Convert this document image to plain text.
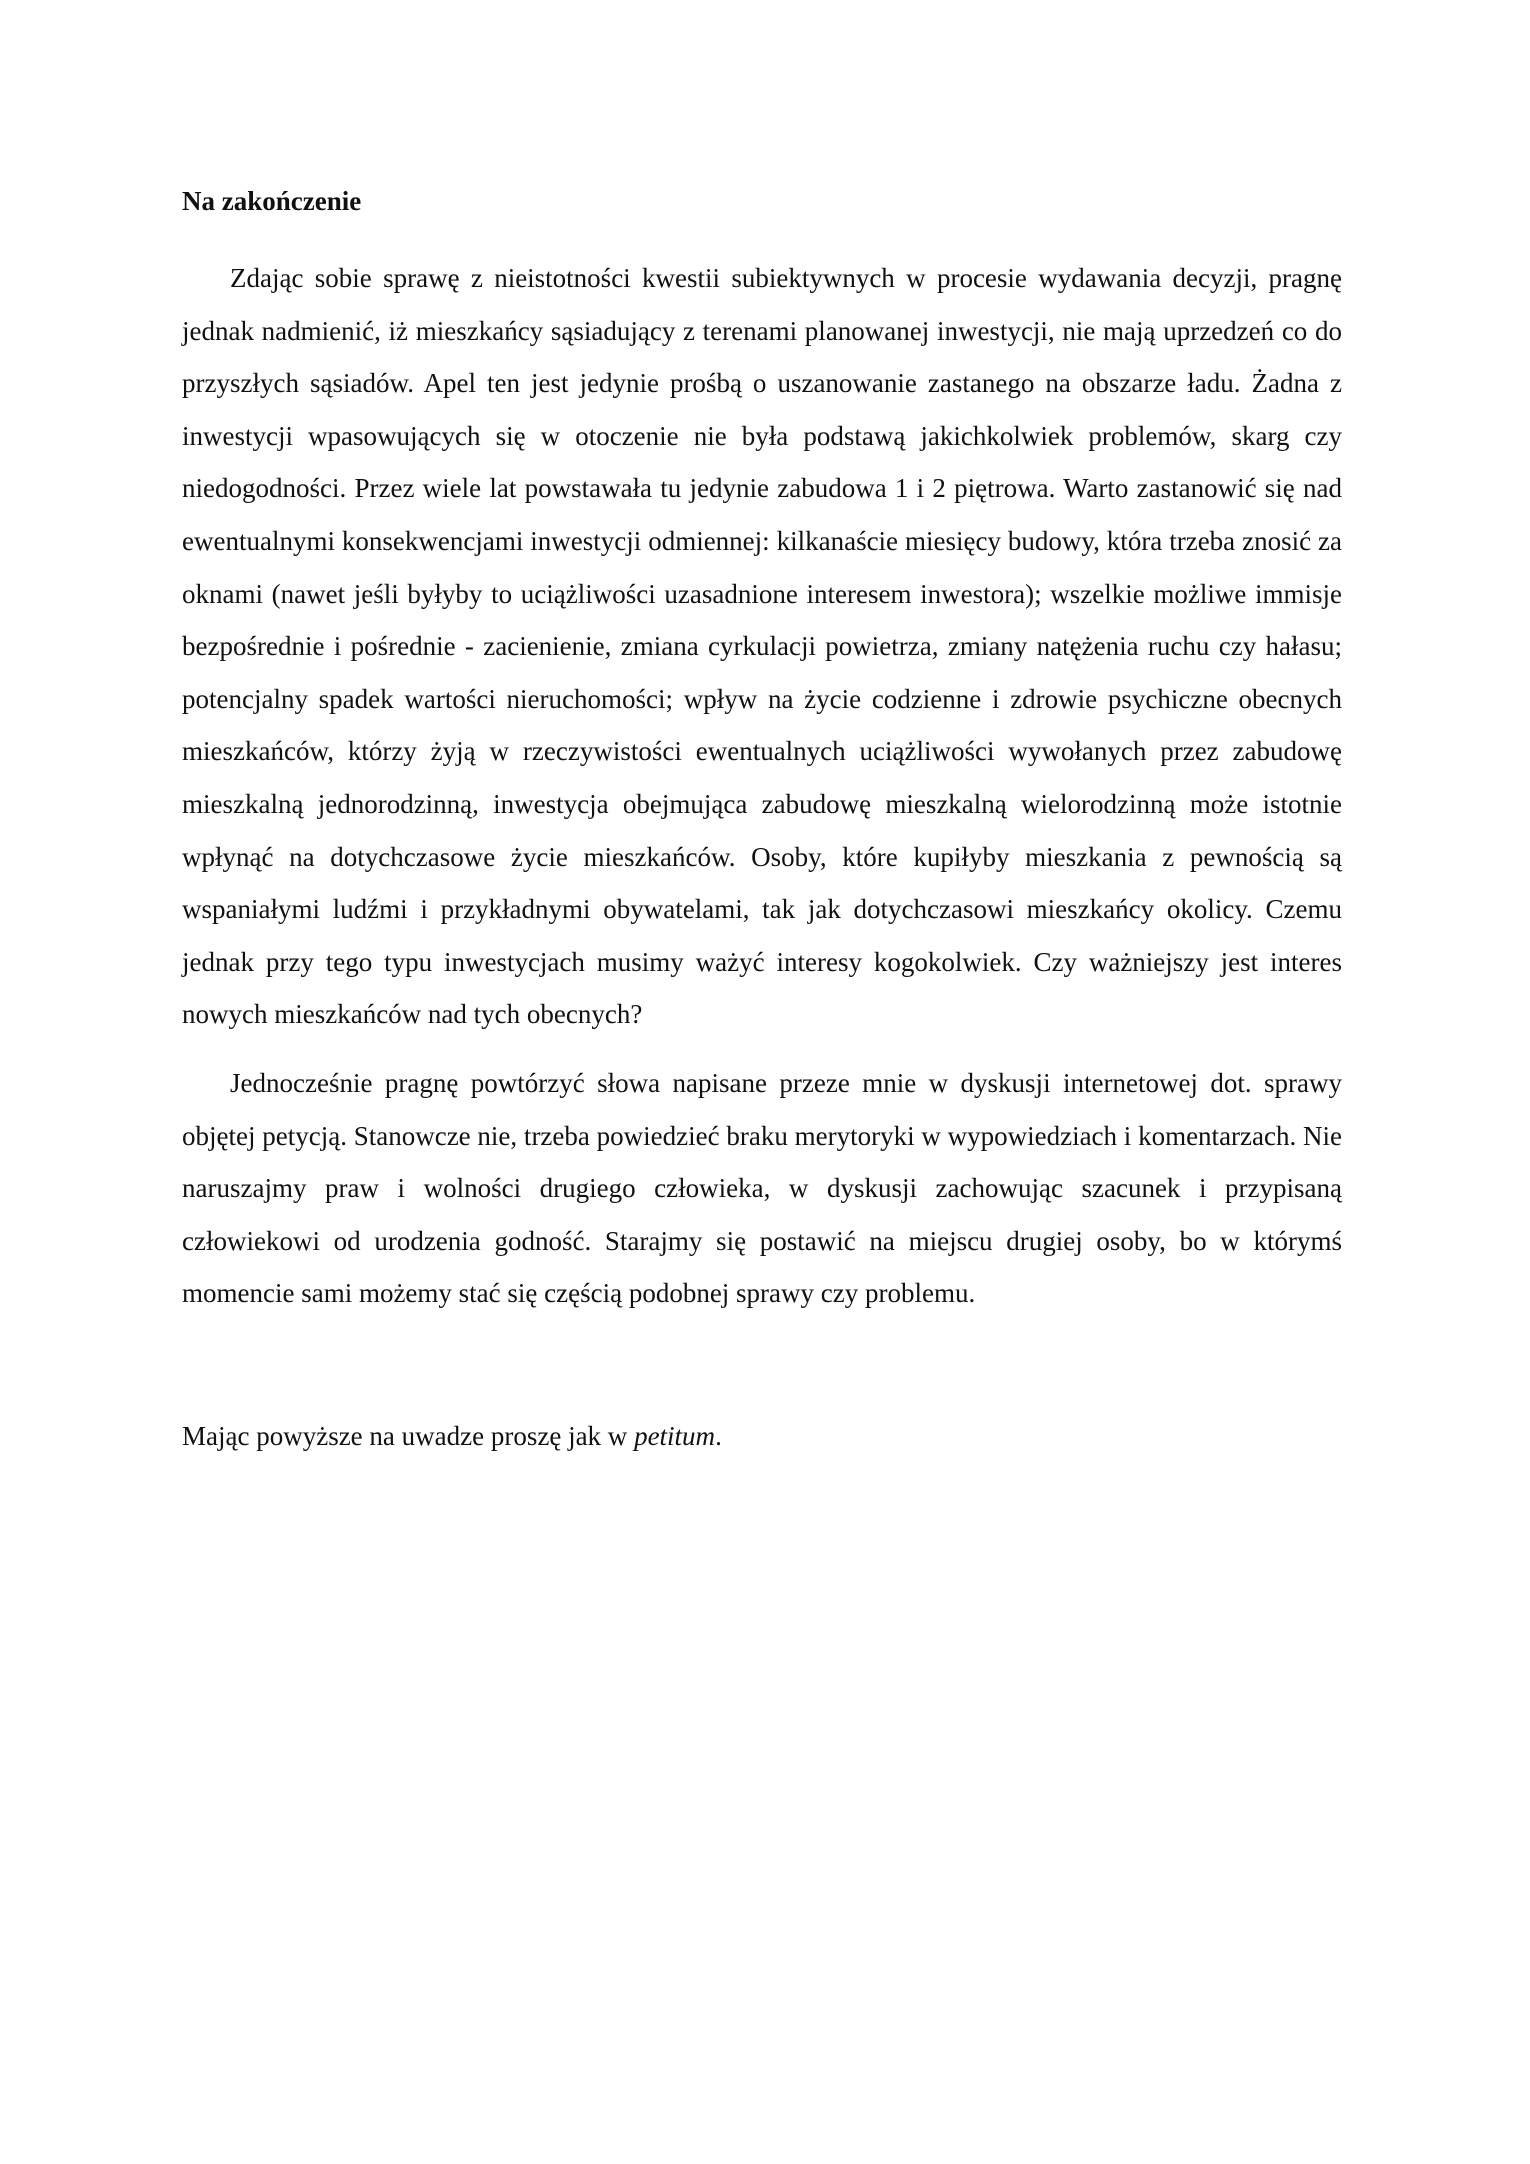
Na zakończenie

Zdając sobie sprawę z nieistotności kwestii subiektywnych w procesie wydawania decyzji, pragnę jednak nadmienić, iż mieszkańcy sąsiadujący z terenami planowanej inwestycji, nie mają uprzedzeń co do przyszłych sąsiadów. Apel ten jest jedynie prośbą o uszanowanie zastanego na obszarze ładu. Żadna z inwestycji wpasowujących się w otoczenie nie była podstawą jakichkolwiek problemów, skarg czy niedogodności. Przez wiele lat powstawała tu jedynie zabudowa 1 i 2 piętrowa. Warto zastanowić się nad ewentualnymi konsekwencjami inwestycji odmiennej: kilkanaście miesięcy budowy, która trzeba znosić za oknami (nawet jeśli byłyby to uciążliwości uzasadnione interesem inwestora); wszelkie możliwe immisje bezpośrednie i pośrednie - zacienienie, zmiana cyrkulacji powietrza, zmiany natężenia ruchu czy hałasu; potencjalny spadek wartości nieruchomości; wpływ na życie codzienne i zdrowie psychiczne obecnych mieszkańców, którzy żyją w rzeczywistości ewentualnych uciążliwości wywołanych przez zabudowę mieszkalną jednorodzinną, inwestycja obejmująca zabudowę mieszkalną wielorodzinną może istotnie wpłynąć na dotychczasowe życie mieszkańców. Osoby, które kupiłyby mieszkania z pewnością są wspaniałymi ludźmi i przykładnymi obywatelami, tak jak dotychczasowi mieszkańcy okolicy. Czemu jednak przy tego typu inwestycjach musimy ważyć interesy kogokolwiek. Czy ważniejszy jest interes nowych mieszkańców nad tych obecnych?

Jednocześnie pragnę powtórzyć słowa napisane przeze mnie w dyskusji internetowej dot. sprawy objętej petycją. Stanowcze nie, trzeba powiedzieć braku merytoryki w wypowiedziach i komentarzach. Nie naruszajmy praw i wolności drugiego człowieka, w dyskusji zachowując szacunek i przypisaną człowiekowi od urodzenia godność. Starajmy się postawić na miejscu drugiej osoby, bo w którymś momencie sami możemy stać się częścią podobnej sprawy czy problemu.

Mając powyższe na uwadze proszę jak w petitum.
